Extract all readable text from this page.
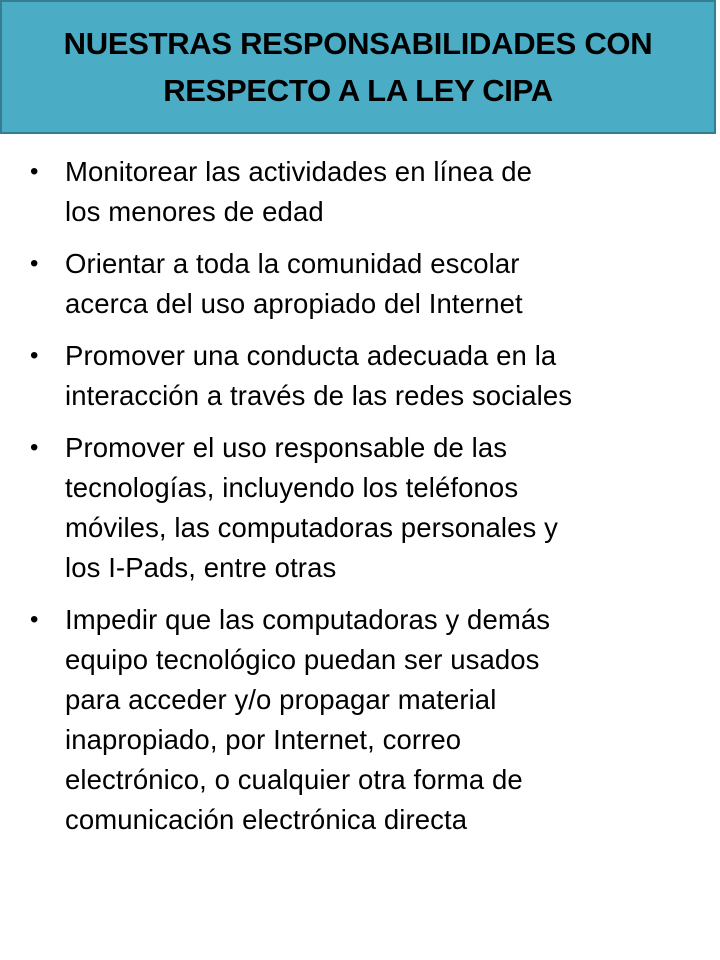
NUESTRAS RESPONSABILIDADES CON
RESPECTO A LA LEY CIPA
• Monitorear las actividades en línea de
los menores de edad
• Orientar a toda la comunidad escolar
acerca del uso apropiado del Internet
• Promover una conducta adecuada en la
interacción a través de las redes sociales
• Promover el uso responsable de las
tecnologías, incluyendo los teléfonos
móviles, las computadoras personales y
los I-Pads, entre otras
• Impedir que las computadoras y demás
equipo tecnológico puedan ser usados
para acceder y/o propagar material
inapropiado, por Internet, correo
electrónico, o cualquier otra forma de
comunicación electrónica directa
